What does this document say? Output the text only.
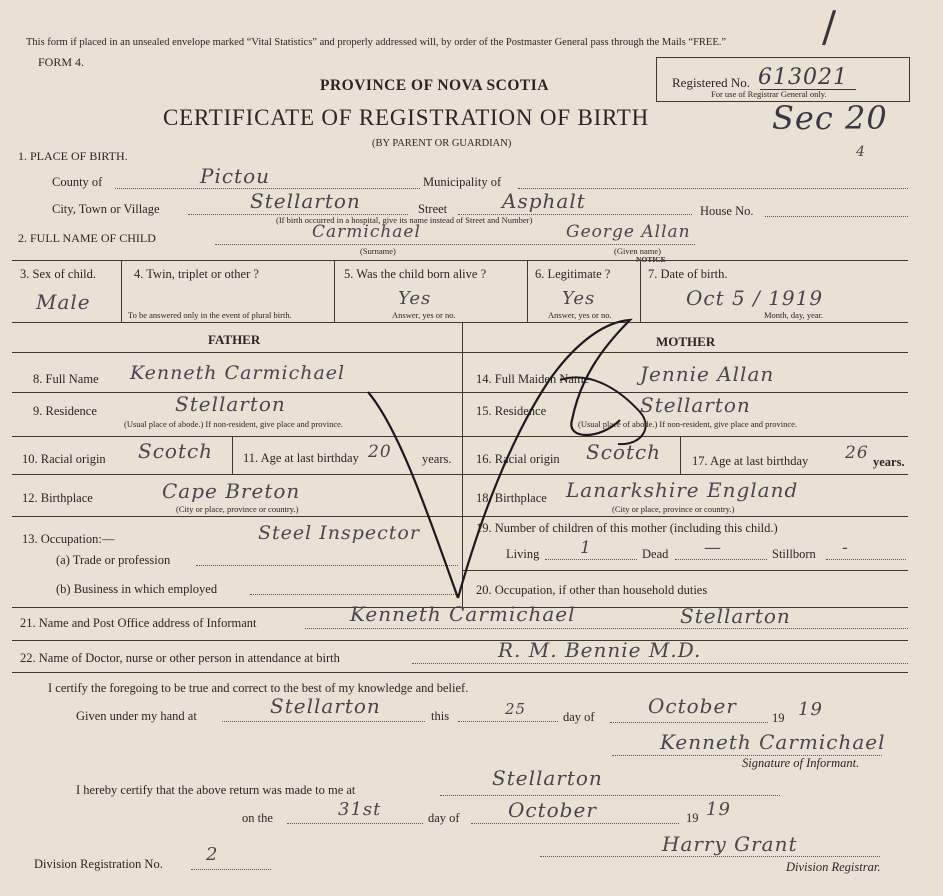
This form if placed in an unsealed envelope marked “Vital Statistics” and properly addressed will, by order of the Postmaster General pass through the Mails “FREE.” /
FORM 4.
Registered No. 613021
For use of Registrar General only.
PROVINCE OF NOVA SCOTIA
CERTIFICATE OF REGISTRATION OF BIRTH	Sec 20
4
(BY PARENT OR GUARDIAN)
1. PLACE OF BIRTH.
County of	Pictou	Municipality of
City, Town or Village	Stellarton	Street	Asphalt	House No.
(If birth occurred in a hospital, give its name instead of Street and Number)
2. FULL NAME OF CHILD	Carmichael	George Allan
(Surname)	(Given name)
NOTICE
3. Sex of child.
Male
4. Twin, triplet or other ?
To be answered only in the event of plural birth.
5. Was the child born alive ?
Yes
Answer, yes or no.
6. Legitimate ?
Yes
Answer, yes or no.
7. Date of birth.
Oct 5 / 1919
Month, day, year.
FATHER	MOTHER
8. Full Name Kenneth Carmichael
9. Residence	Stellarton
(Usual place of abode.) If non-resident, give place and province.
10. Racial origin Scotch 11. Age at last birthday 20 years.
12. Birthplace	Cape Breton
(City or place, province or country.)
13. Occupation:—	Steel Inspector
(a) Trade or profession
(b) Business in which employed
14. Full Maiden Name	Jennie Allan
15. Residence	Stellarton
(Usual place of abode.) If non-resident, give place and province.
16. Racial origin Scotch 17. Age at last birthday 26 years.
18. Birthplace Lanarkshire England
(City or place, province or country.)
19. Number of children of this mother (including this child.)
Living 1	Dead —	Stillborn -
20. Occupation, if other than household duties
21. Name and Post Office address of Informant	Kenneth Carmichael	Stellarton
22. Name of Doctor, nurse or other person in attendance at birth	R. M. Bennie M.D.
I certify the foregoing to be true and correct to the best of my knowledge and belief.
Given under my hand at	Stellarton	this	25	day of	October	19 19
Kenneth Carmichael
Signature of Informant.
I hereby certify that the above return was made to me at	Stellarton
on the	31st	day of October	19 19
Division Registration No. 2	Harry Grant
Division Registrar.
